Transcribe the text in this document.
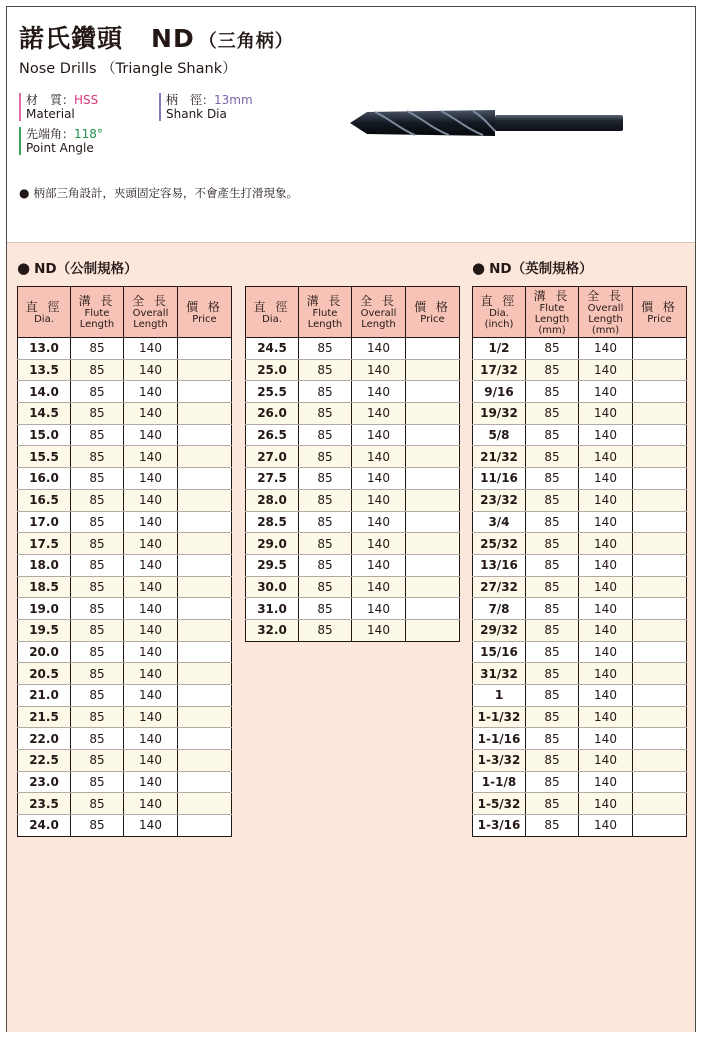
諾氏鑽頭 ND （三角柄）
Nose Drills （Triangle Shank）
材　質：HSS
Material
柄　徑：13mm
Shank Dia
先端角：118°
Point Angle
● 柄部三角設計，夾頭固定容易，不會產生打滑現象。
● ND（公制規格）	● ND（英制規格）
直 徑
Dia.	溝 長
Flute
Length	全 長
Overall
Length	價 格
Price
13.0	85	140	
13.5	85	140	
14.0	85	140	
14.5	85	140	
15.0	85	140	
15.5	85	140	
16.0	85	140	
16.5	85	140	
17.0	85	140	
17.5	85	140	
18.0	85	140	
18.5	85	140	
19.0	85	140	
19.5	85	140	
20.0	85	140	
20.5	85	140	
21.0	85	140	
21.5	85	140	
22.0	85	140	
22.5	85	140	
23.0	85	140	
23.5	85	140	
24.0	85	140	
直 徑
Dia.	溝 長
Flute
Length	全 長
Overall
Length	價 格
Price
24.5	85	140	
25.0	85	140	
25.5	85	140	
26.0	85	140	
26.5	85	140	
27.0	85	140	
27.5	85	140	
28.0	85	140	
28.5	85	140	
29.0	85	140	
29.5	85	140	
30.0	85	140	
31.0	85	140	
32.0	85	140	
直 徑
Dia.
(inch)	溝 長
Flute
Length
(mm)	全 長
Overall
Length
(mm)	價 格
Price
1/2	85	140	
17/32	85	140	
9/16	85	140	
19/32	85	140	
5/8	85	140	
21/32	85	140	
11/16	85	140	
23/32	85	140	
3/4	85	140	
25/32	85	140	
13/16	85	140	
27/32	85	140	
7/8	85	140	
29/32	85	140	
15/16	85	140	
31/32	85	140	
1	85	140	
1-1/32	85	140	
1-1/16	85	140	
1-3/32	85	140	
1-1/8	85	140	
1-5/32	85	140	
1-3/16	85	140	
